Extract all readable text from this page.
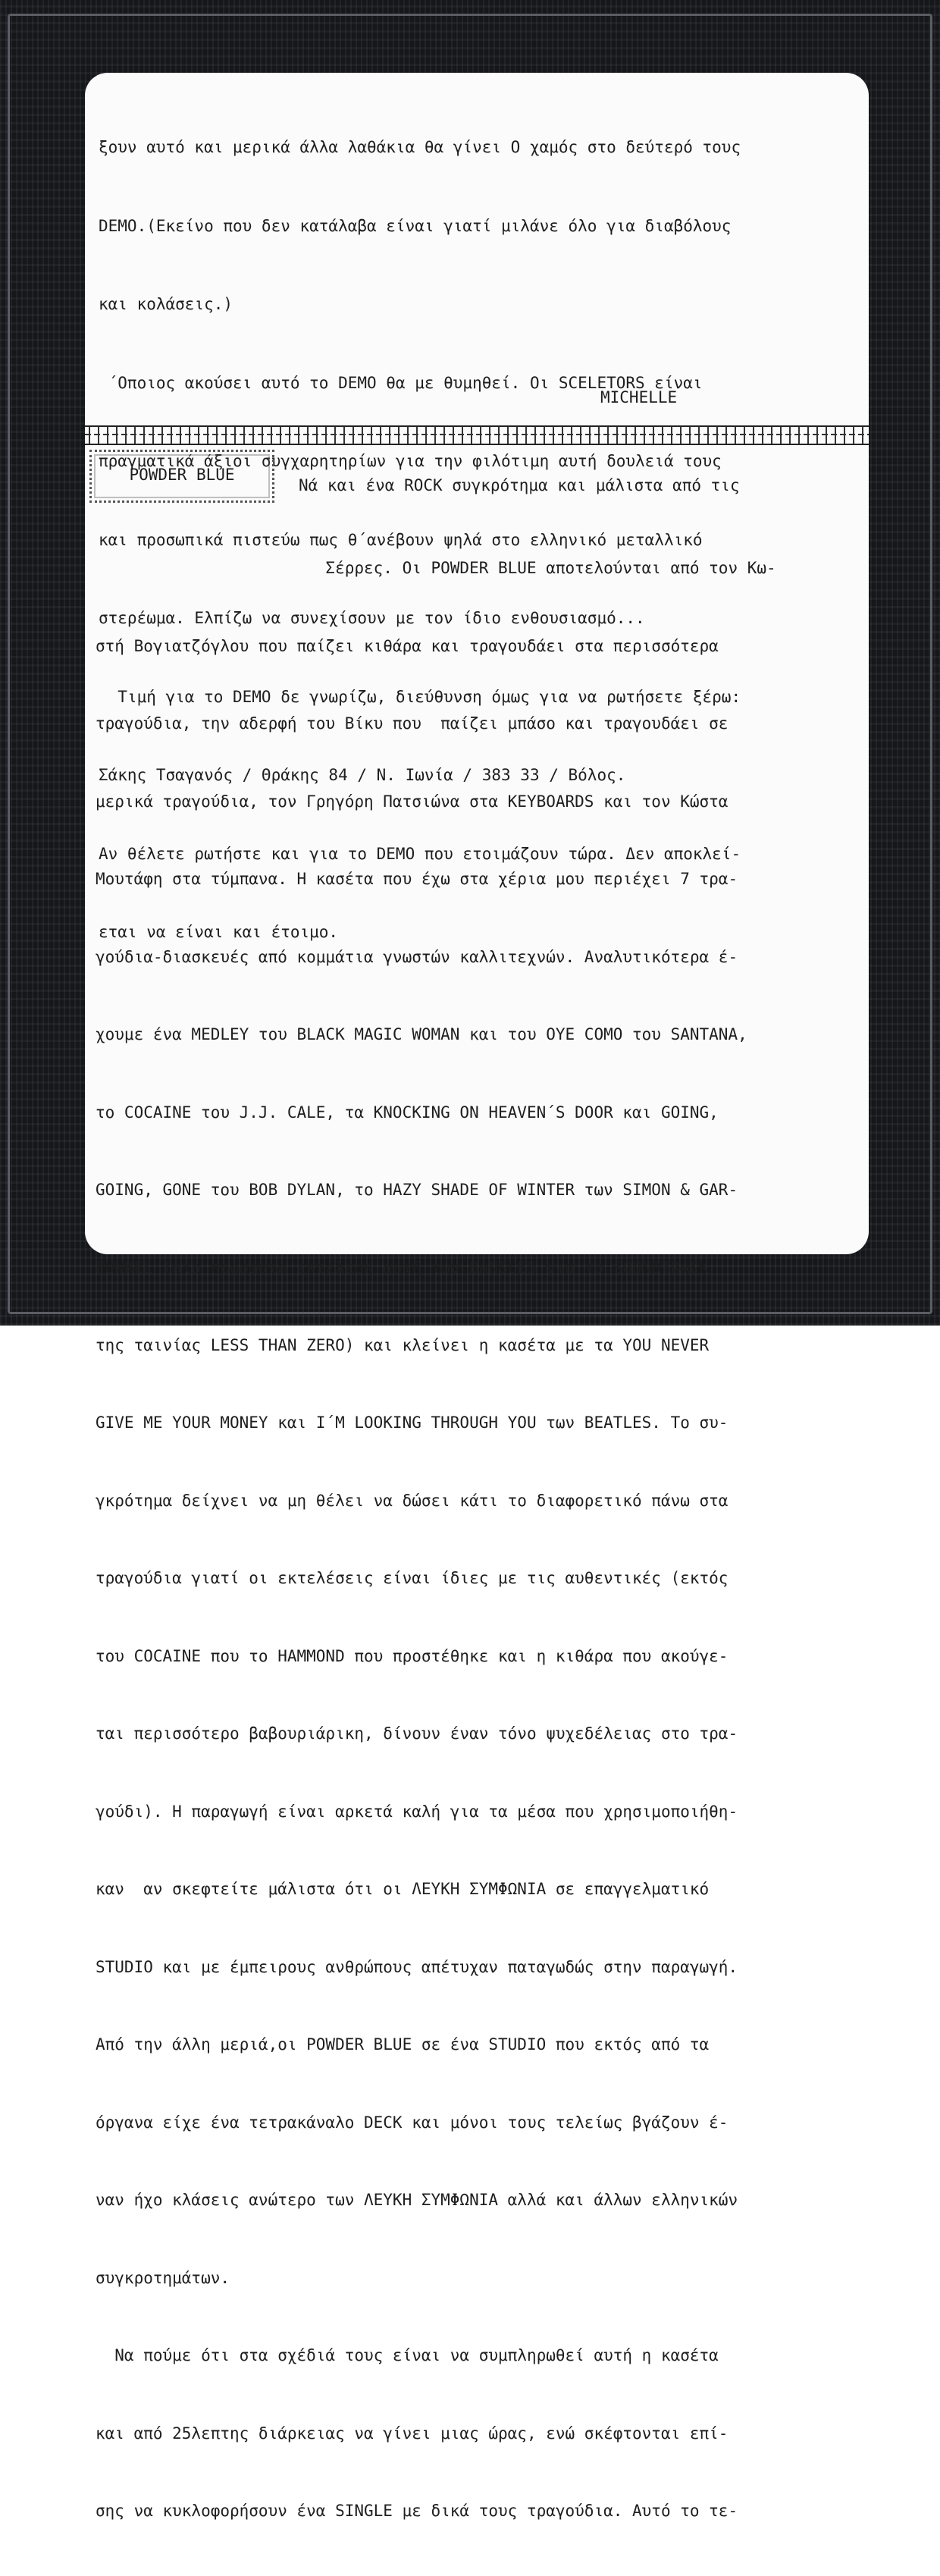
ξουν αυτό και μερικά άλλα λαθάκια θα γίνει Ο χαμός στο δεύτερό τους

DEMO.(Εκείνο που δεν κατάλαβα είναι γιατί μιλάνε όλο για διαβόλους

και κολάσεις.)

΄Οποιος ακούσει αυτό το DEMO θα με θυμηθεί. Οι SCELETORS είναι

πραγματικά άξιοι συγχαρητηρίων για την φιλότιμη αυτή δουλειά τους

και προσωπικά πιστεύω πως θ΄ανέβουν ψηλά στο ελληνικό μεταλλικό

στερέωμα. Ελπίζω να συνεχίσουν με τον ίδιο ενθουσιασμό...

Τιμή για το DEMO δε γνωρίζω, διεύθυνση όμως για να ρωτήσετε ξέρω:

Σάκης Τσαγανός / Θράκης 84 / Ν. Ιωνία / 383 33 / Βόλος.

Αν θέλετε ρωτήστε και για το DEMO που ετοιμάζουν τώρα. Δεν αποκλεί-

εται να είναι και έτοιμο.

MICHELLE
POWDER BLUE
Νά και ένα ROCK συγκρότημα και μάλιστα από τις

Σέρρες. Οι POWDER BLUE αποτελούνται από τον Κω-

στή Βογιατζόγλου που παίζει κιθάρα και τραγουδάει στα περισσότερα

τραγούδια, την αδερφή του Βίκυ που  παίζει μπάσο και τραγουδάει σε

μερικά τραγούδια, τον Γρηγόρη Πατσιώνα στα KEYBOARDS και τον Κώστα

Μουτάφη στα τύμπανα. Η κασέτα που έχω στα χέρια μου περιέχει 7 τρα-

γούδια-διασκευές από κομμάτια γνωστών καλλιτεχνών. Αναλυτικότερα έ-

χουμε ένα MEDLEY του BLACK MAGIC WOMAN και του OYE COMO του SANTANA,

το COCAINE του J.J. CALE, τα KNOCKING ON HEAVEN΄S DOOR και GOING,

GOING, GONE του BOB DYLAN, το HAZY SHADE OF WINTER των SIMON & GAR-

FUNKEL (πιο πρόσφατη εκτέλεση αυτή των BANGLES για το SOUNDTRACK

της ταινίας LESS THAN ZERO) και κλείνει η κασέτα με τα YOU NEVER

GIVE ME YOUR MONEY και I΄M LOOKING THROUGH YOU των BEATLES. Το συ-

γκρότημα δείχνει να μη θέλει να δώσει κάτι το διαφορετικό πάνω στα

τραγούδια γιατί οι εκτελέσεις είναι ίδιες με τις αυθεντικές (εκτός

του COCAINE που το HAMMOND που προστέθηκε και η κιθάρα που ακούγε-

ται περισσότερο βαβουριάρικη, δίνουν έναν τόνο ψυχεδέλειας στο τρα-

γούδι). Η παραγωγή είναι αρκετά καλή για τα μέσα που χρησιμοποιήθη-

καν  αν σκεφτείτε μάλιστα ότι οι ΛΕΥΚΗ ΣΥΜΦΩΝΙΑ σε επαγγελματικό

STUDIO και με έμπειρους ανθρώπους απέτυχαν παταγωδώς στην παραγωγή.

Από την άλλη μεριά,οι POWDER BLUE σε ένα STUDIO που εκτός από τα

όργανα είχε ένα τετρακάναλο DECK και μόνοι τους τελείως βγάζουν έ-

ναν ήχο κλάσεις ανώτερο των ΛΕΥΚΗ ΣΥΜΦΩΝΙΑ αλλά και άλλων ελληνικών

συγκροτημάτων.

Να πούμε ότι στα σχέδιά τους είναι να συμπληρωθεί αυτή η κασέτα

και από 25λεπτης διάρκειας να γίνει μιας ώρας, ενώ σκέφτονται επί-

σης να κυκλοφορήσουν ένα SINGLE με δικά τους τραγούδια. Αυτό το τε-
